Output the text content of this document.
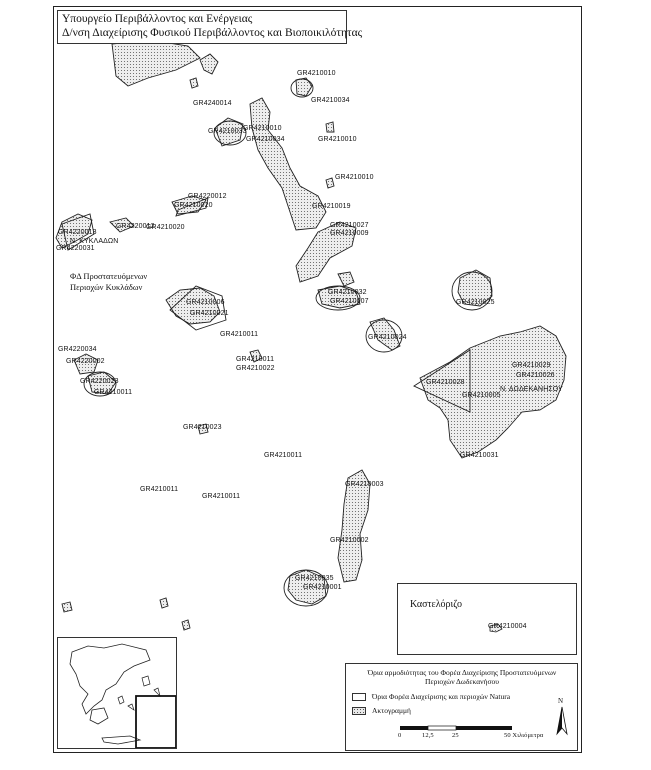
Υπουργείο Περιβάλλοντος και Ενέργειας
Δ/νση Διαχείρισης Φυσικού Περιβάλλοντος και Βιοποικιλότητας
ΦΔ Προστατευόμενων
Περιοχών Κυκλάδων
GR4210010
GR4210034
GR4240014
GR4210033
GR4210010
GR4210034	GR4210010
GR4210010
GR4220012
GR4210020	GR4210019
GR4220013
GR4220012
GR4210020
Ν. ΚΥΚΛΑΔΩΝ
GR4220031
GR4210027
GR4210006
GR4210009
GR4210021
GR4210032
GR4210007	GR4210025
GR4210011	GR4210024
GR4220034
GR4220002
GR4220023
GR4210011
GR4210011
GR4210022	GR4210029
GR4210028
GR4210026
Ν. ΔΩΔΕΚΑΝΗΣΟΥ
GR4210005
GR4210023
GR4210011	GR4210031
GR4210003
GR4210011
GR4210011
GR4210002
GR4210035
GR4210001
Καστελόριζο
GR4210004
Όρια αρμοδιότητας του Φορέα Διαχείρισης Προστατευόμενων
Περιοχών Δωδεκανήσου
Όρια Φορέα Διαχείρισης και περιοχών Natura
Ακτογραμμή
0	12,5	25	50 Χιλιόμετρα
N
